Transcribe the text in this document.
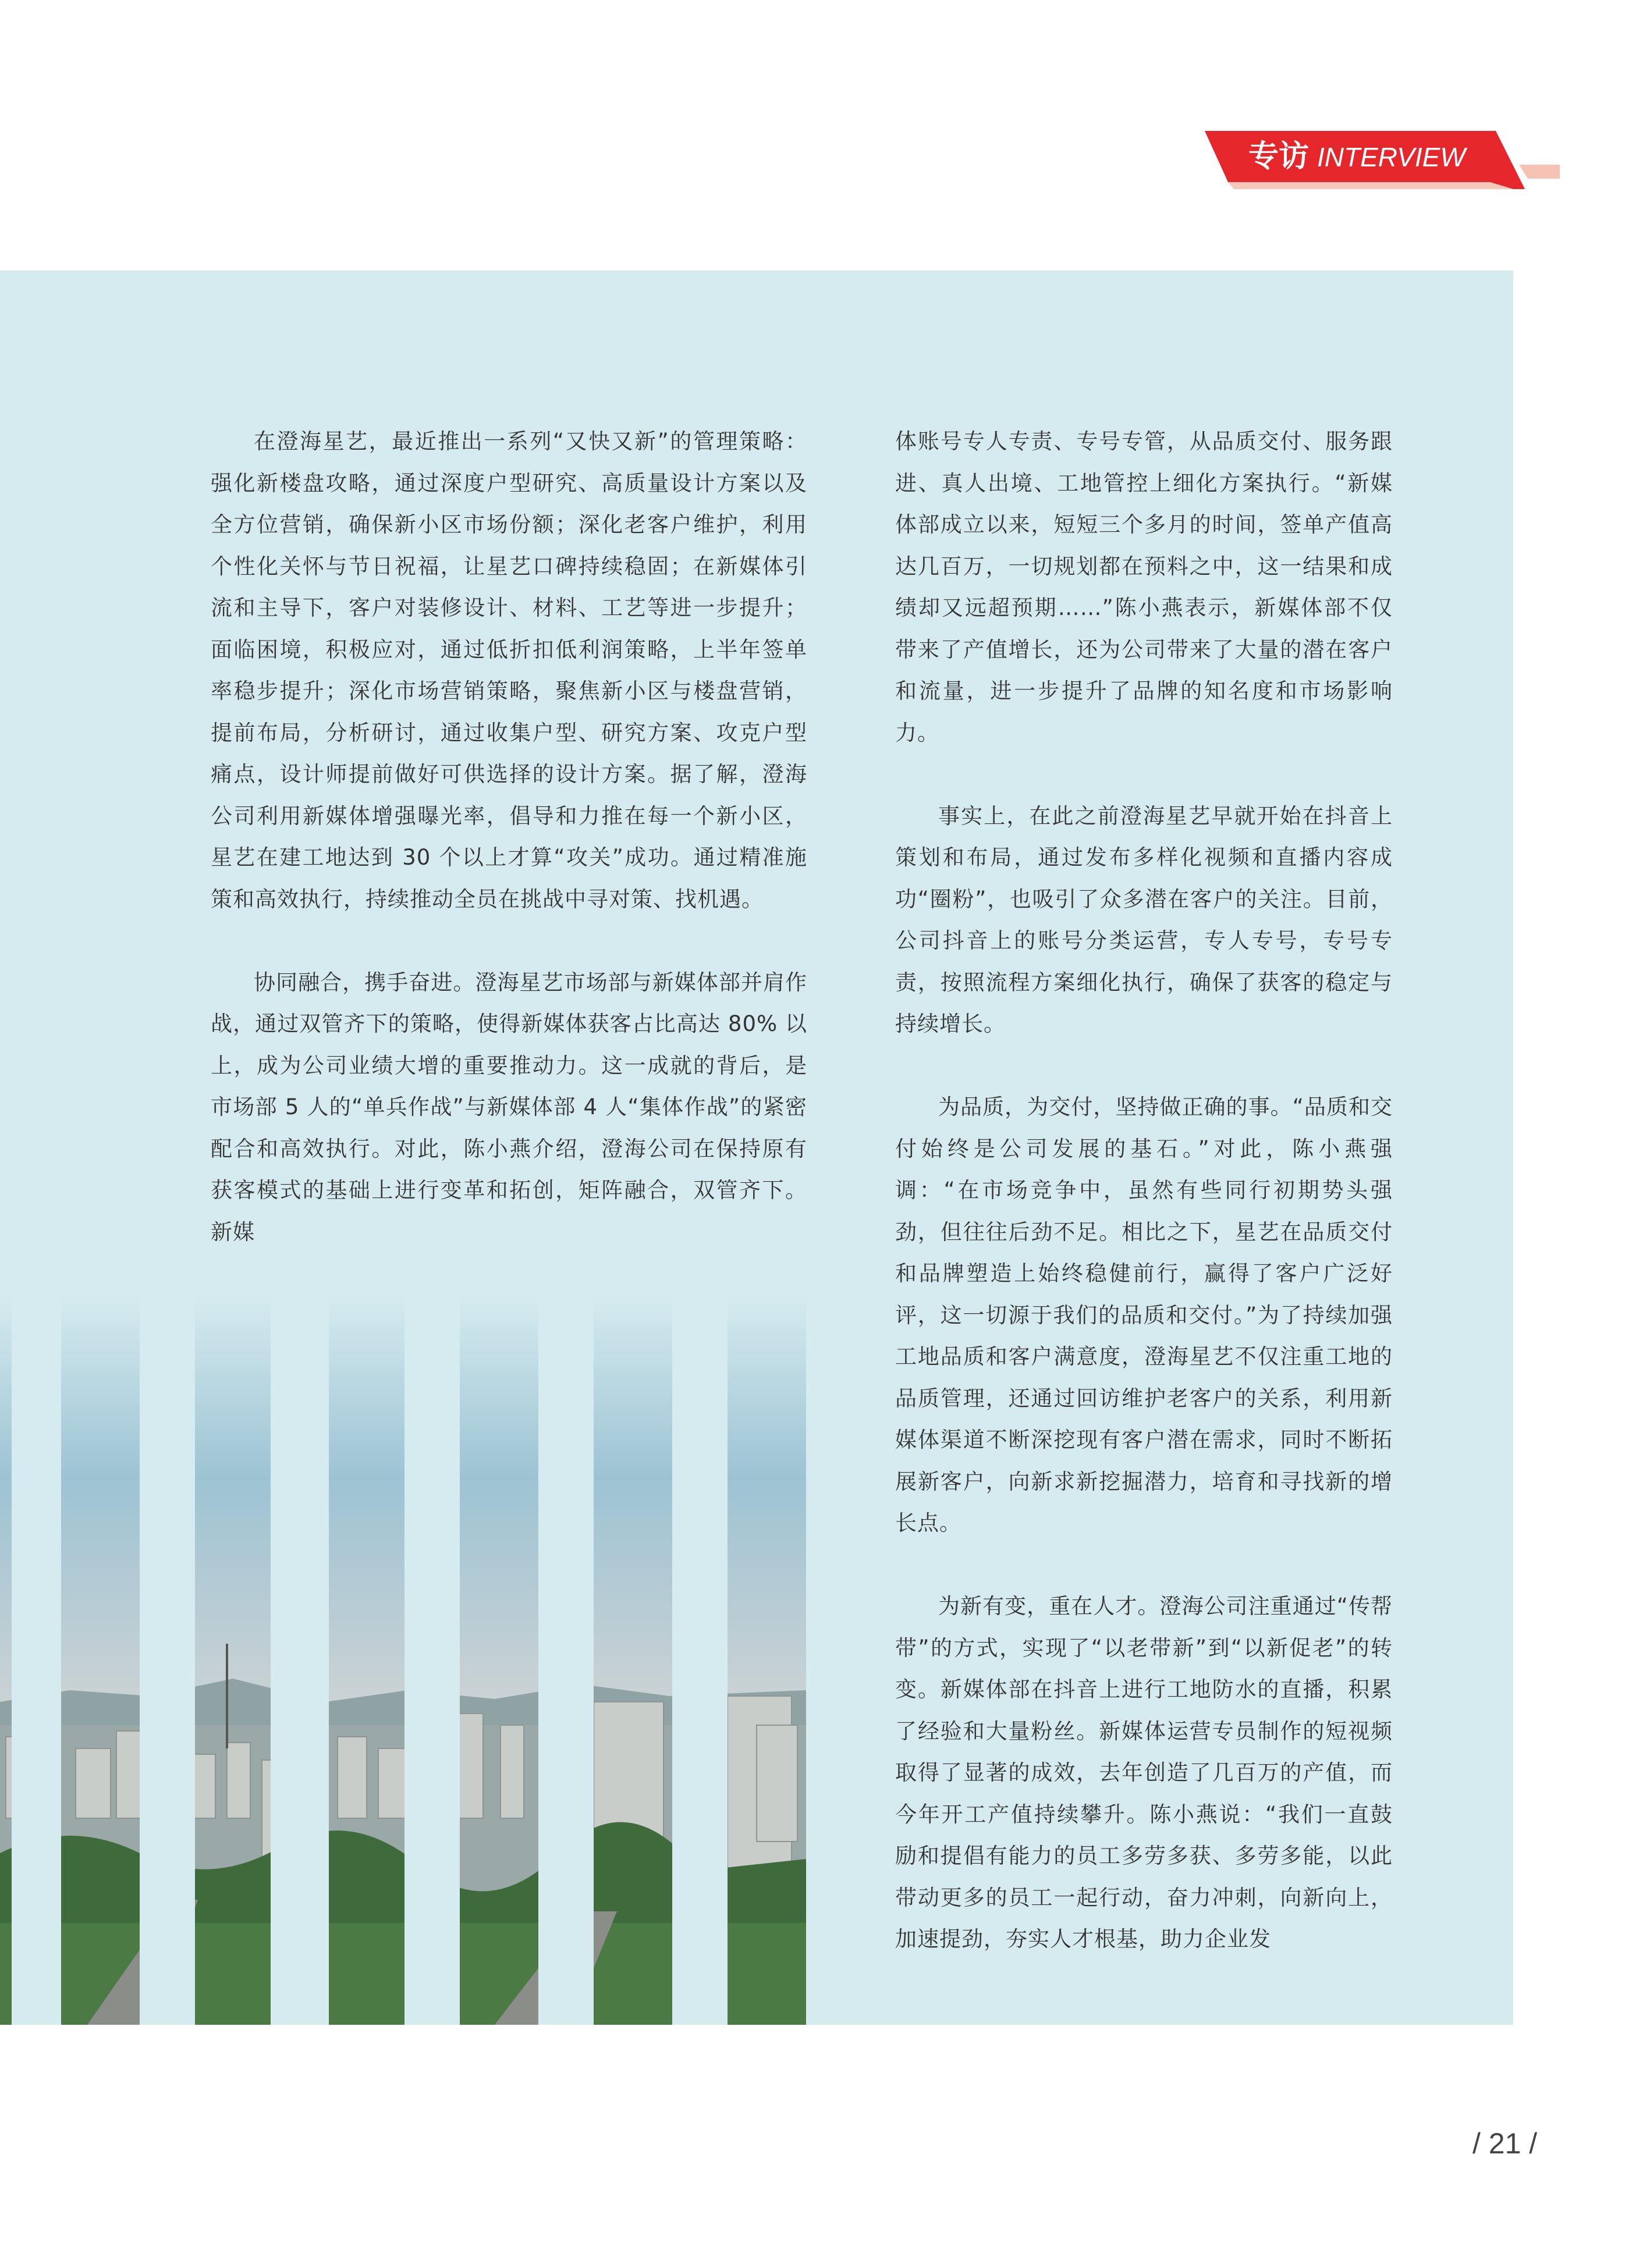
专访 INTERVIEW

在澄海星艺，最近推出一系列“又快又新”的管理策略：强化新楼盘攻略，通过深度户型研究、高质量设计方案以及全方位营销，确保新小区市场份额；深化老客户维护，利用个性化关怀与节日祝福，让星艺口碑持续稳固；在新媒体引流和主导下，客户对装修设计、材料、工艺等进一步提升；面临困境，积极应对，通过低折扣低利润策略，上半年签单率稳步提升；深化市场营销策略，聚焦新小区与楼盘营销，提前布局，分析研讨，通过收集户型、研究方案、攻克户型痛点，设计师提前做好可供选择的设计方案。据了解，澄海公司利用新媒体增强曝光率，倡导和力推在每一个新小区，星艺在建工地达到 30 个以上才算“攻关”成功。通过精准施策和高效执行，持续推动全员在挑战中寻对策、找机遇。

协同融合，携手奋进。澄海星艺市场部与新媒体部并肩作战，通过双管齐下的策略，使得新媒体获客占比高达 80% 以上，成为公司业绩大增的重要推动力。这一成就的背后，是市场部 5 人的“单兵作战”与新媒体部 4 人“集体作战”的紧密配合和高效执行。对此，陈小燕介绍，澄海公司在保持原有获客模式的基础上进行变革和拓创，矩阵融合，双管齐下。新媒

体账号专人专责、专号专管，从品质交付、服务跟进、真人出境、工地管控上细化方案执行。“新媒体部成立以来，短短三个多月的时间，签单产值高达几百万，一切规划都在预料之中，这一结果和成绩却又远超预期……”陈小燕表示，新媒体部不仅带来了产值增长，还为公司带来了大量的潜在客户和流量，进一步提升了品牌的知名度和市场影响力。

事实上，在此之前澄海星艺早就开始在抖音上策划和布局，通过发布多样化视频和直播内容成功“圈粉”，也吸引了众多潜在客户的关注。目前，公司抖音上的账号分类运营，专人专号，专号专责，按照流程方案细化执行，确保了获客的稳定与持续增长。

为品质，为交付，坚持做正确的事。“品质和交付始终是公司发展的基石。”对此，陈小燕强调：“在市场竞争中，虽然有些同行初期势头强劲，但往往后劲不足。相比之下，星艺在品质交付和品牌塑造上始终稳健前行，赢得了客户广泛好评，这一切源于我们的品质和交付。”为了持续加强工地品质和客户满意度，澄海星艺不仅注重工地的品质管理，还通过回访维护老客户的关系，利用新媒体渠道不断深挖现有客户潜在需求，同时不断拓展新客户，向新求新挖掘潜力，培育和寻找新的增长点。

为新有变，重在人才。澄海公司注重通过“传帮带”的方式，实现了“以老带新”到“以新促老”的转变。新媒体部在抖音上进行工地防水的直播，积累了经验和大量粉丝。新媒体运营专员制作的短视频取得了显著的成效，去年创造了几百万的产值，而今年开工产值持续攀升。陈小燕说：“我们一直鼓励和提倡有能力的员工多劳多获、多劳多能，以此带动更多的员工一起行动，奋力冲刺，向新向上，加速提劲，夯实人才根基，助力企业发

/ 21 /
